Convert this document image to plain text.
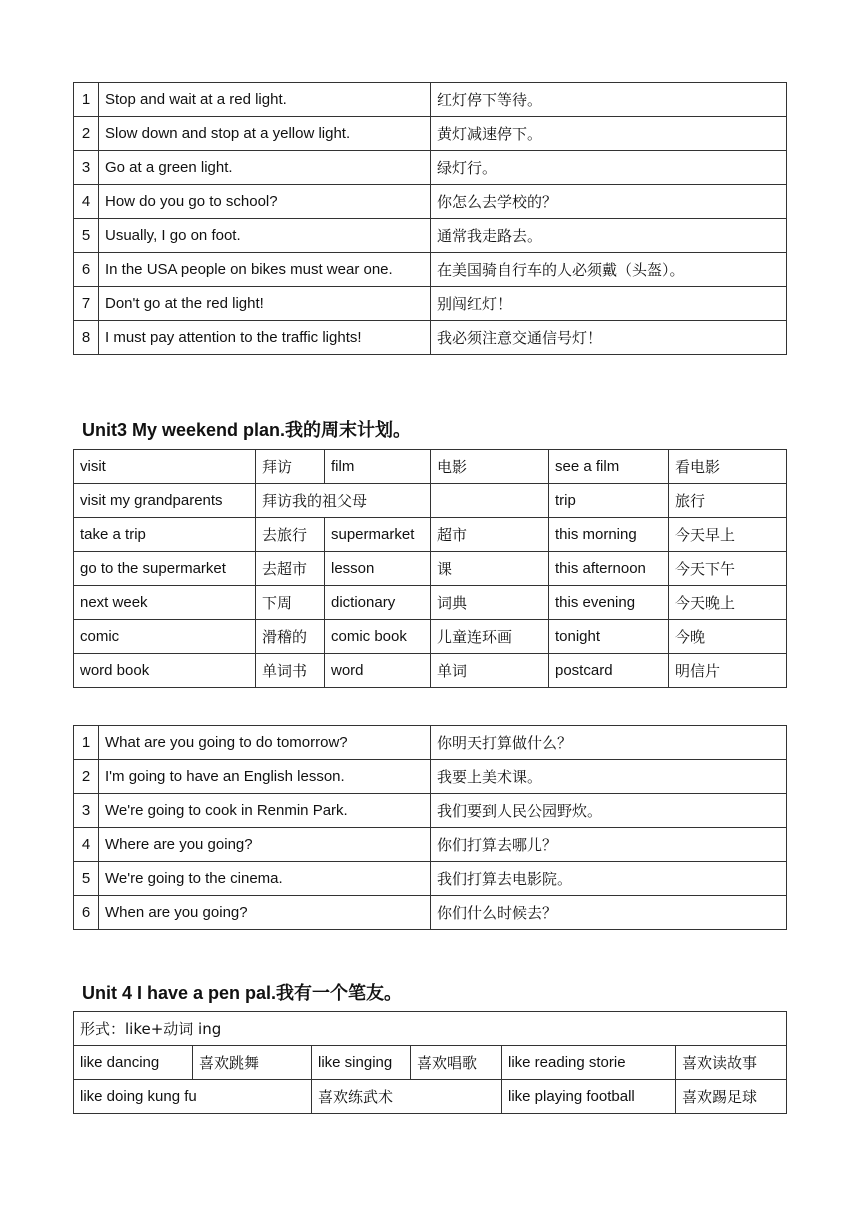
1	Stop and wait at a red light.	红灯停下等待。
2	Slow down and stop at a yellow light.	黄灯减速停下。
3	Go at a green light.	绿灯行。
4	How do you go to school?	你怎么去学校的？
5	Usually, I go on foot.	通常我走路去。
6	In the USA people on bikes must wear one.	在美国骑自行车的人必须戴（头盔）。
7	Don't go at the red light!	别闯红灯！
8	I must pay attention to the traffic lights!	我必须注意交通信号灯！
Unit3 My weekend plan.我的周末计划。
visit	拜访	film	电影	see a film	看电影
visit my grandparents	拜访我的祖父母			trip	旅行
take a trip	去旅行	supermarket	超市	this morning	今天早上
go to the supermarket	去超市	lesson	课	this afternoon	今天下午
next week	下周	dictionary	词典	this evening	今天晚上
comic	滑稽的	comic book	儿童连环画	tonight	今晚
word book	单词书	word	单词	postcard	明信片
1	What are you going to do tomorrow?	你明天打算做什么？
2	I'm going to have an English lesson.	我要上美术课。
3	We're going to cook in Renmin Park.	我们要到人民公园野炊。
4	Where are you going?	你们打算去哪儿？
5	We're going to the cinema.	我们打算去电影院。
6	When are you going?	你们什么时候去？
Unit 4 I have a pen pal.我有一个笔友。
形式：like+动词 ing					
like dancing	喜欢跳舞	like singing	喜欢唱歌	like reading storie	喜欢读故事
like doing kung fu		喜欢练武术		like playing football	喜欢踢足球
